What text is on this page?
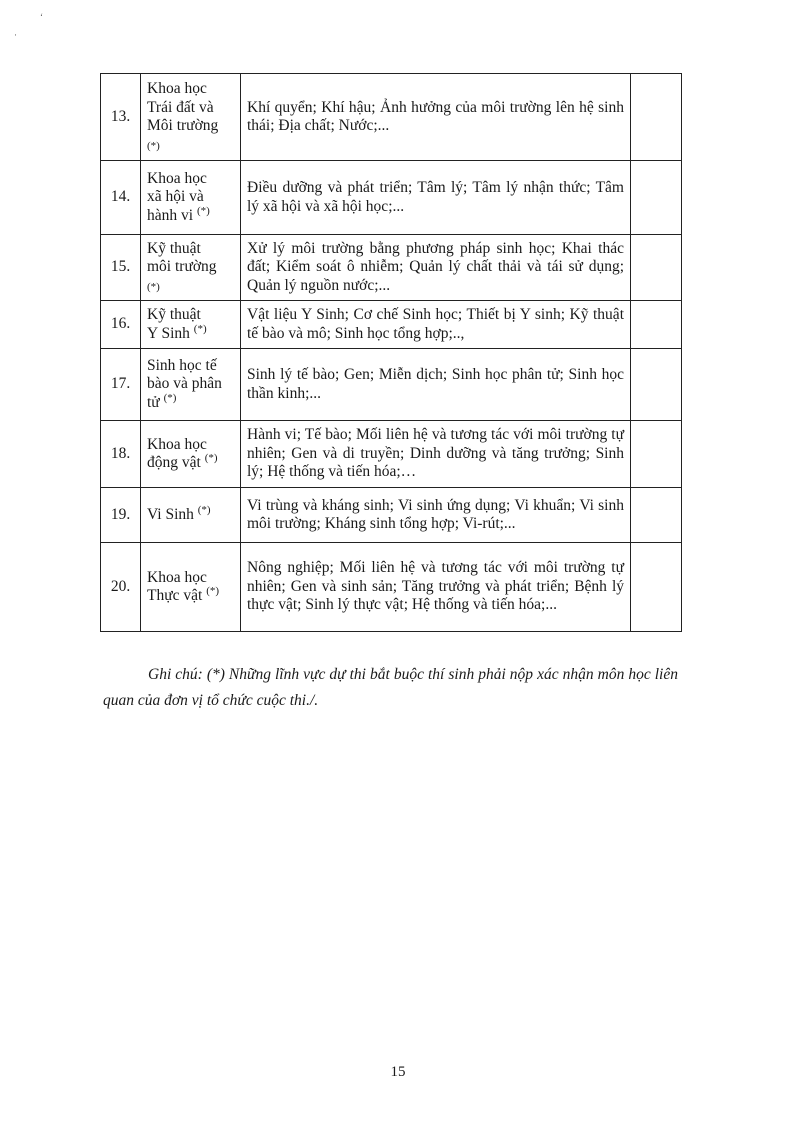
ʻ
·
13.	Khoa học
Trái đất và
Môi trường
(*)	Khí quyển; Khí hậu; Ảnh hưởng của môi trường lên hệ sinh thái; Địa chất; Nước;...	
14.	Khoa học
xã hội và
hành vi (*)	Điều dưỡng và phát triển; Tâm lý; Tâm lý nhận thức; Tâm lý xã hội và xã hội học;...	
15.	Kỹ thuật
môi trường
(*)	Xử lý môi trường bằng phương pháp sinh học; Khai thác đất; Kiểm soát ô nhiễm; Quản lý chất thải và tái sử dụng; Quản lý nguồn nước;...	
16.	Kỹ thuật
Y Sinh (*)	Vật liệu Y Sinh; Cơ chế Sinh học; Thiết bị Y sinh; Kỹ thuật tế bào và mô; Sinh học tổng hợp;..,	
17.	Sinh học tế
bào và phân
tử (*)	Sinh lý tế bào; Gen; Miễn dịch; Sinh học phân tử; Sinh học thần kinh;...	
18.	Khoa học
động vật (*)	Hành vi; Tế bào; Mối liên hệ và tương tác với môi trường tự nhiên; Gen và di truyền; Dinh dưỡng và tăng trưởng; Sinh lý; Hệ thống và tiến hóa;…	
19.	Vi Sinh (*)	Vi trùng và kháng sinh; Vi sinh ứng dụng; Vi khuẩn; Vi sinh môi trường; Kháng sinh tổng hợp; Vi-rút;...	
20.	Khoa học
Thực vật (*)	Nông nghiệp; Mối liên hệ và tương tác với môi trường tự nhiên; Gen và sinh sản; Tăng trưởng và phát triển; Bệnh lý thực vật; Sinh lý thực vật; Hệ thống và tiến hóa;...	

Ghi chú: (*) Những lĩnh vực dự thi bắt buộc thí sinh phải nộp xác nhận môn học liên quan của đơn vị tổ chức cuộc thi./.

15
